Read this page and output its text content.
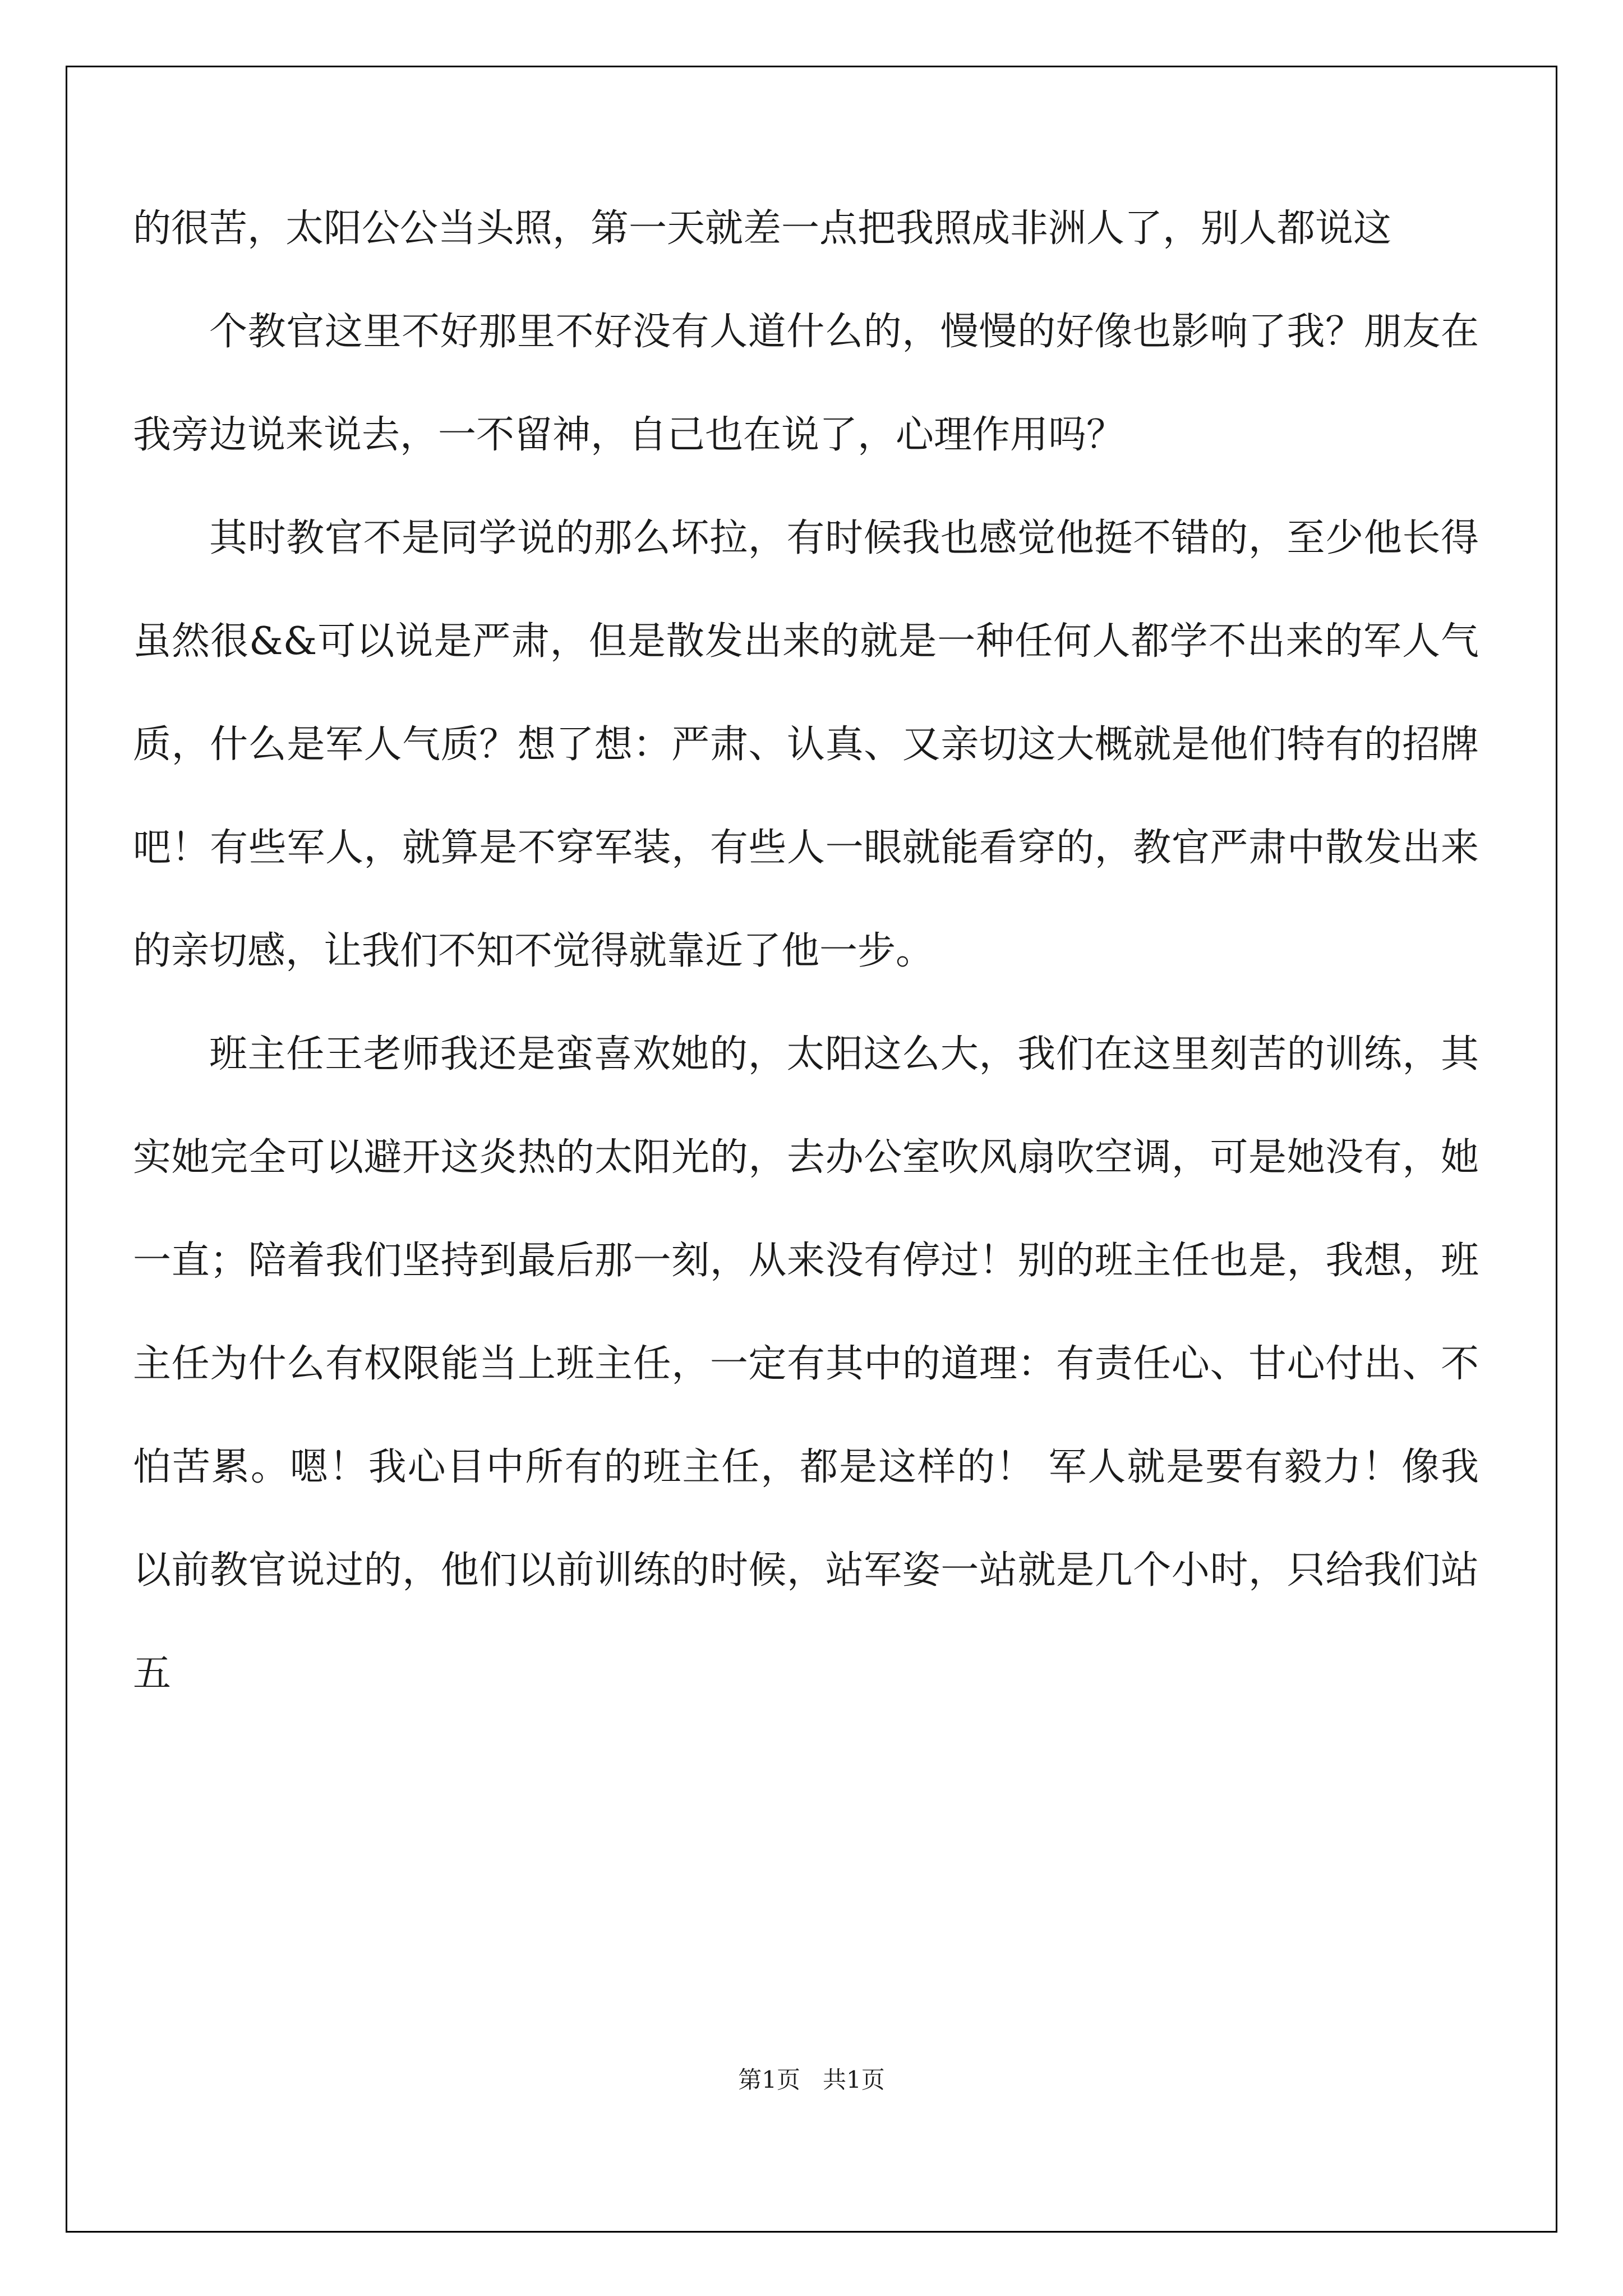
的很苦，太阳公公当头照，第一天就差一点把我照成非洲人了，别人都说这

个教官这里不好那里不好没有人道什么的，慢慢的好像也影响了我？朋友在我旁边说来说去，一不留神，自己也在说了，心理作用吗？

其时教官不是同学说的那么坏拉，有时候我也感觉他挺不错的，至少他长得虽然很&&可以说是严肃，但是散发出来的就是一种任何人都学不出来的军人气质，什么是军人气质？想了想：严肃、认真、又亲切这大概就是他们特有的招牌吧！有些军人，就算是不穿军装，有些人一眼就能看穿的，教官严肃中散发出来的亲切感，让我们不知不觉得就靠近了他一步。

班主任王老师我还是蛮喜欢她的，太阳这么大，我们在这里刻苦的训练，其实她完全可以避开这炎热的太阳光的，去办公室吹风扇吹空调，可是她没有，她一直；陪着我们坚持到最后那一刻，从来没有停过！别的班主任也是，我想，班主任为什么有权限能当上班主任，一定有其中的道理：有责任心、甘心付出、不怕苦累。嗯！我心目中所有的班主任，都是这样的！ 军人就是要有毅力！像我以前教官说过的，他们以前训练的时候，站军姿一站就是几个小时，只给我们站五

第1页 共1页
